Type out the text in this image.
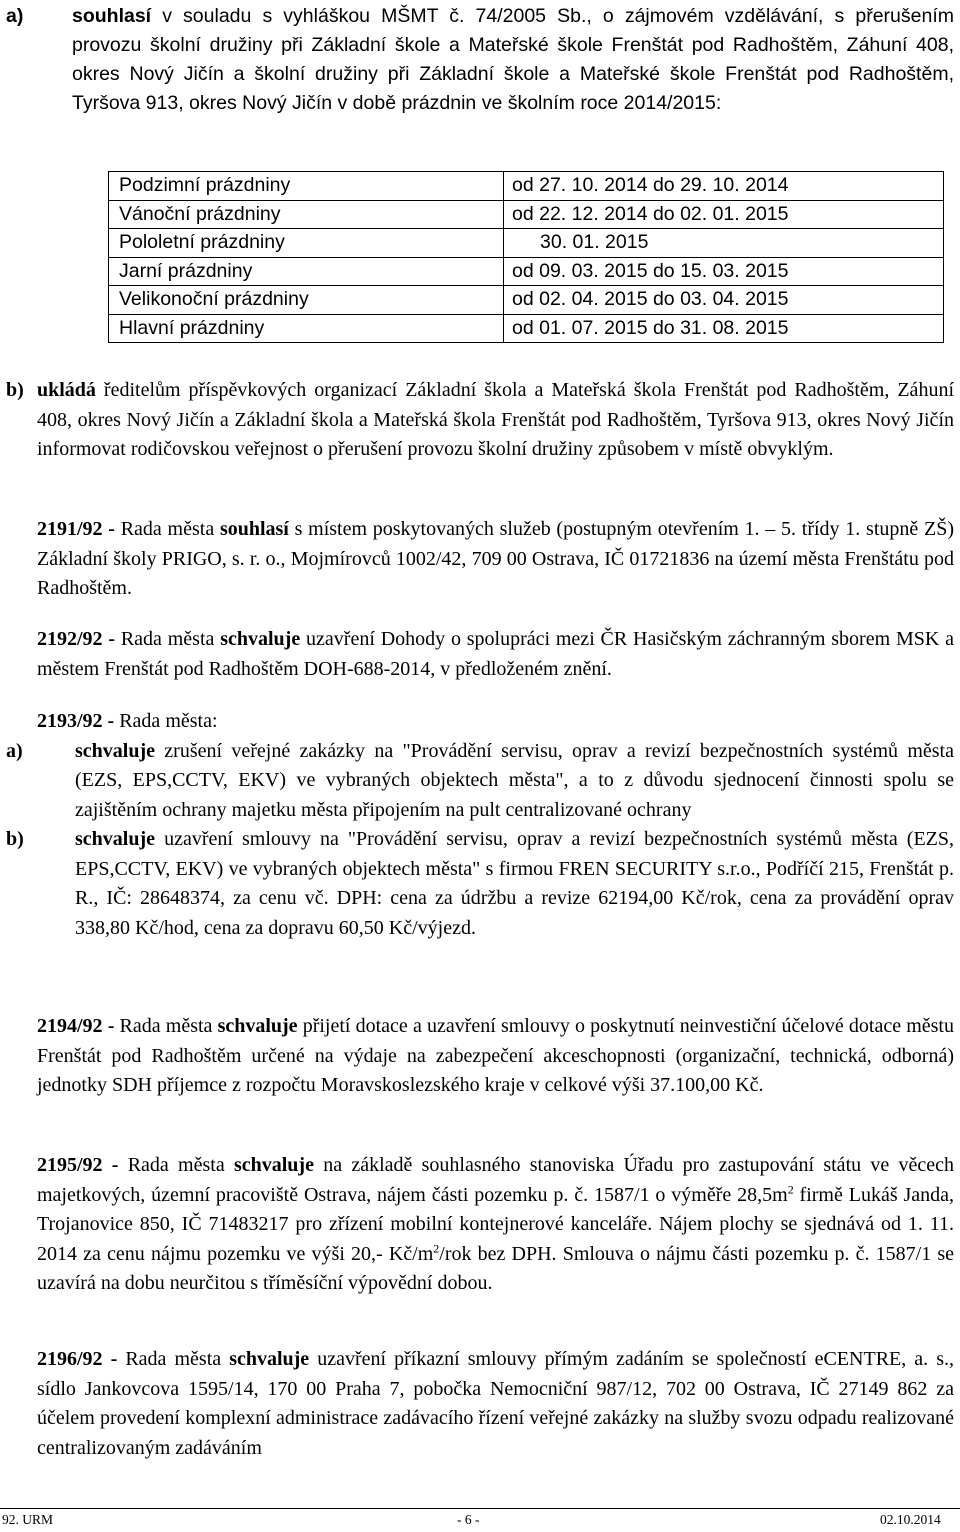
a) souhlasí v souladu s vyhláškou MŠMT č. 74/2005 Sb., o zájmovém vzdělávání, s přerušením provozu školní družiny při Základní škole a Mateřské škole Frenštát pod Radhoštěm, Záhuní 408, okres Nový Jičín a školní družiny při Základní škole a Mateřské škole Frenštát pod Radhoštěm, Tyršova 913, okres Nový Jičín v době prázdnin ve školním roce 2014/2015:
Podzimní prázdniny	od 27. 10. 2014 do 29. 10. 2014
Vánoční prázdniny	od 22. 12. 2014 do 02. 01. 2015
Pololetní prázdniny	30. 01. 2015
Jarní prázdniny	od 09. 03. 2015 do 15. 03. 2015
Velikonoční prázdniny	od 02. 04. 2015 do 03. 04. 2015
Hlavní prázdniny	od 01. 07. 2015 do 31. 08. 2015
b) ukládá ředitelům příspěvkových organizací Základní škola a Mateřská škola Frenštát pod Radhoštěm, Záhuní 408, okres Nový Jičín a Základní škola a Mateřská škola Frenštát pod Radhoštěm, Tyršova 913, okres Nový Jičín informovat rodičovskou veřejnost o přerušení provozu školní družiny způsobem v místě obvyklým.
2191/92 - Rada města souhlasí s místem poskytovaných služeb (postupným otevřením 1. – 5. třídy 1. stupně ZŠ) Základní školy PRIGO, s. r. o., Mojmírovců 1002/42, 709 00 Ostrava, IČ 01721836 na území města Frenštátu pod Radhoštěm.
2192/92 - Rada města schvaluje uzavření Dohody o spolupráci mezi ČR Hasičským záchranným sborem MSK a městem Frenštát pod Radhoštěm DOH-688-2014, v předloženém znění.
2193/92 - Rada města:
a)	schvaluje zrušení veřejné zakázky na "Provádění servisu, oprav a revizí bezpečnostních systémů města (EZS, EPS,CCTV, EKV) ve vybraných objektech města", a to z důvodu sjednocení činnosti spolu se zajištěním ochrany majetku města připojením na pult centralizované ochrany
b)	schvaluje uzavření smlouvy na "Provádění servisu, oprav a revizí bezpečnostních systémů města (EZS, EPS,CCTV, EKV) ve vybraných objektech města" s firmou FREN SECURITY s.r.o., Podříčí 215, Frenštát p. R., IČ: 28648374, za cenu vč. DPH: cena za údržbu a revize 62194,00 Kč/rok, cena za provádění oprav 338,80 Kč/hod, cena za dopravu 60,50 Kč/výjezd.
2194/92 - Rada města schvaluje přijetí dotace a uzavření smlouvy o poskytnutí neinvestiční účelové dotace městu Frenštát pod Radhoštěm určené na výdaje na zabezpečení akceschopnosti (organizační, technická, odborná) jednotky SDH příjemce z rozpočtu Moravskoslezského kraje v celkové výši 37.100,00 Kč.
2195/92 - Rada města schvaluje na základě souhlasného stanoviska Úřadu pro zastupování státu ve věcech majetkových, územní pracoviště Ostrava, nájem části pozemku p. č. 1587/1 o výměře $28,5m^2$ firmě Lukáš Janda, Trojanovice 850, IČ 71483217 pro zřízení mobilní kontejnerové kanceláře. Nájem plochy se sjednává od 1. 11. 2014 za cenu nájmu pozemku ve výši 20,- $Kč/m^2$/rok bez DPH. Smlouva o nájmu části pozemku p. č. 1587/1 se uzavírá na dobu neurčitou s tříměsíční výpovědní dobou.
2196/92 - Rada města schvaluje uzavření příkazní smlouvy přímým zadáním se společností eCENTRE, a. s., sídlo Jankovcova 1595/14, 170 00 Praha 7, pobočka Nemocniční 987/12, 702 00 Ostrava, IČ 27149 862 za účelem provedení komplexní administrace zadávacího řízení veřejné zakázky na služby svozu odpadu realizované centralizovaným zadáváním
92. URM	- 6 -	02.10.2014
